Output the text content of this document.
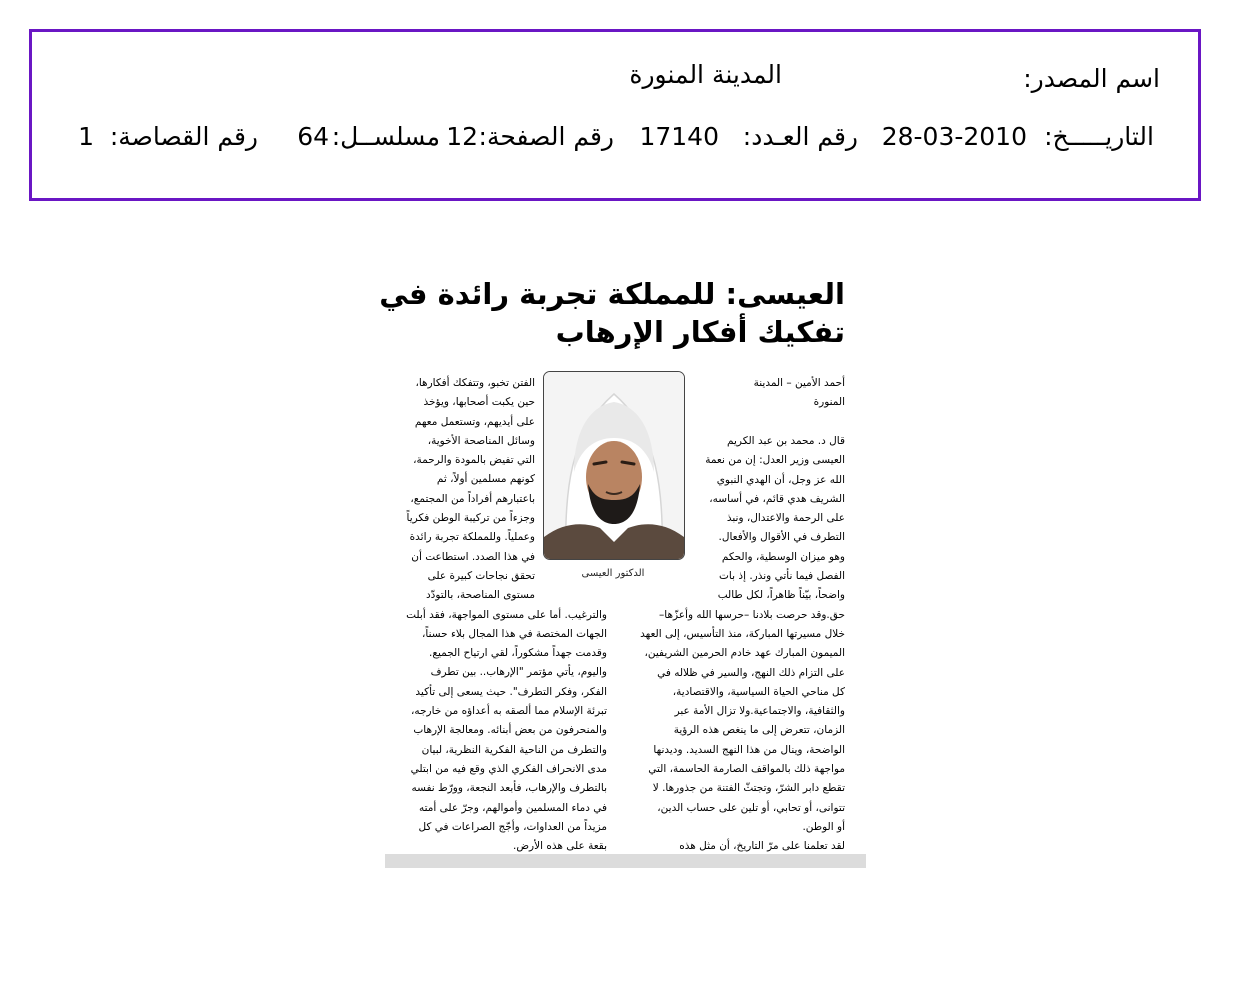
اسم المصدر:
المدينة المنورة
التاريـــــخ:
28-03-2010
رقم العـدد:
17140
رقم الصفحة:
12
مسلســل:
64
رقم القصاصة:
1
العيسى: للمملكة تجربة رائدة في
تفكيك أفكار الإرهاب
أحمد الأمين – المدينة
المنورة
قال د. محمد بن عبد الكريم
العيسى وزير العدل: إن من نعمة
الله عز وجل، أن الهدي النبوي
الشريف هدي قائم، في أساسه،
على الرحمة والاعتدال، ونبذ
التطرف في الأقوال والأفعال.
وهو ميزان الوسطية، والحكم
الفصل فيما نأتي ونذر. إذ بات
واضحاً، بيّناً ظاهراً، لكل طالب
الدكتور العيسى
الفتن تخبو، وتتفكك أفكارها،
حين يكبت أصحابها، ويؤخذ
على أيديهم، وتستعمل معهم
وسائل المناصحة الأخوية،
التي تفيض بالمودة والرحمة،
كونهم مسلمين أولاً، ثم
باعتبارهم أفراداً من المجتمع،
وجزءاً من تركيبة الوطن فكرياً
وعملياً. وللمملكة تجربة رائدة
في هذا الصدد. استطاعت أن
تحقق نجاحات كبيرة على
مستوى المناصحة، بالتودّد
حق.وقد حرصت بلادنا –حرسها الله وأعزّها–
خلال مسيرتها المباركة، منذ التأسيس، إلى العهد
الميمون المبارك عهد خادم الحرمين الشريفين،
على التزام ذلك النهج، والسير في ظلاله في
كل مناحي الحياة السياسية، والاقتصادية،
والثقافية، والاجتماعية.ولا تزال الأمة عبر
الزمان، تتعرض إلى ما ينغص هذه الرؤية
الواضحة، وينال من هذا النهج السديد. وديدنها
مواجهة ذلك بالمواقف الصارمة الحاسمة، التي
تقطع دابر الشرّ، وتجتثّ الفتنة من جذورها. لا
تتوانى، أو تحابي، أو تلين على حساب الدين،
أو الوطن.
لقد تعلمنا على مرّ التاريخ، أن مثل هذه
والترغيب. أما على مستوى المواجهة، فقد أبلت
الجهات المختصة في هذا المجال بلاء حسناً،
وقدمت جهداً مشكوراً، لقي ارتياح الجميع.
واليوم، يأتي مؤتمر "الإرهاب.. بين تطرف
الفكر، وفكر التطرف". حيث يسعى إلى تأكيد
تبرئة الإسلام مما ألصقه به أعداؤه من خارجه،
والمنحرفون من بعض أبنائه. ومعالجة الإرهاب
والتطرف من الناحية الفكرية النظرية، لبيان
مدى الانحراف الفكري الذي وقع فيه من ابتلي
بالتطرف والإرهاب، فأبعد النجعة، وورّط نفسه
في دماء المسلمين وأموالهم، وجرّ على أمته
مزيداً من العداوات، وأجّج الصراعات في كل
بقعة على هذه الأرض.
